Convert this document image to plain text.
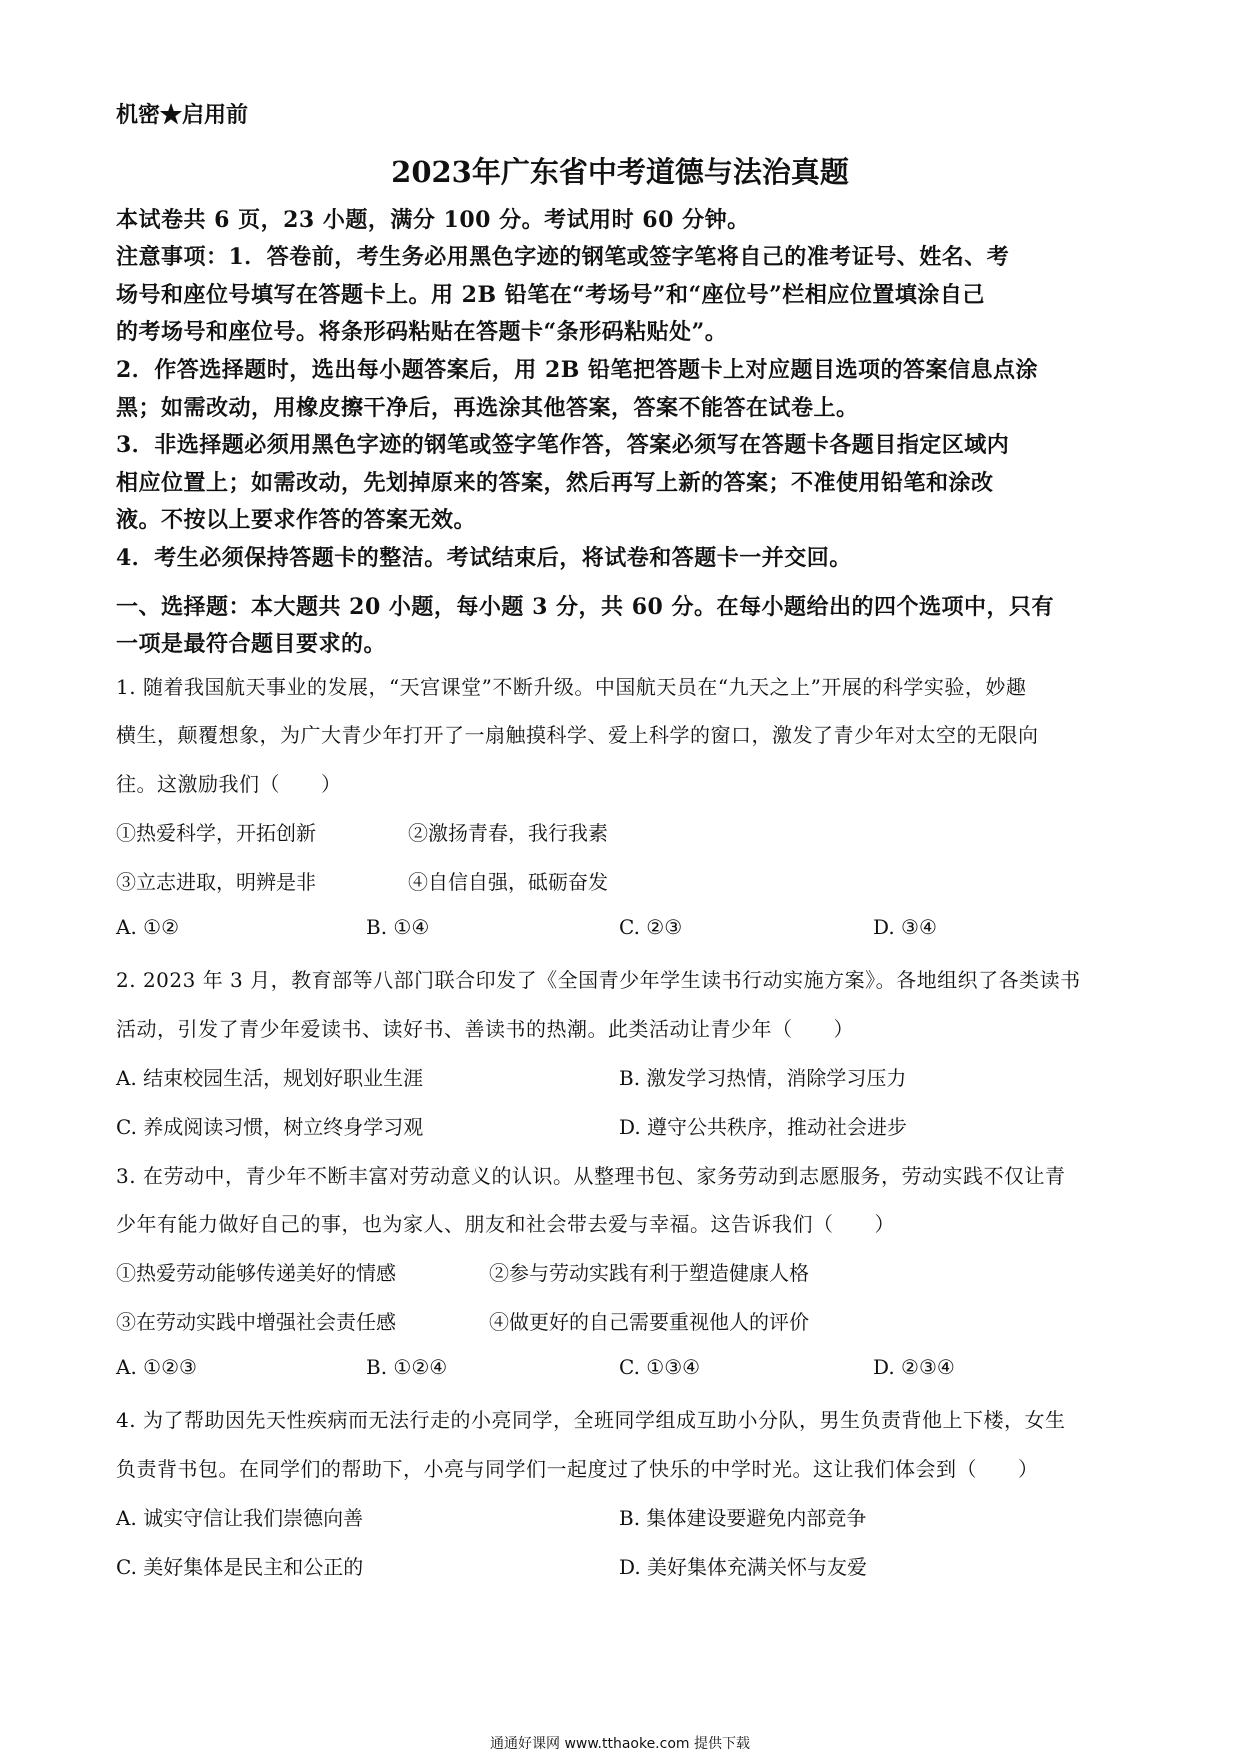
机密★启用前
2023年广东省中考道德与法治真题
本试卷共 6 页，23 小题，满分 100 分。考试用时 60 分钟。
注意事项：1．答卷前，考生务必用黑色字迹的钢笔或签字笔将自己的准考证号、姓名、考
场号和座位号填写在答题卡上。用 2B 铅笔在“考场号”和“座位号”栏相应位置填涂自己
的考场号和座位号。将条形码粘贴在答题卡“条形码粘贴处”。
2．作答选择题时，选出每小题答案后，用 2B 铅笔把答题卡上对应题目选项的答案信息点涂
黑；如需改动，用橡皮擦干净后，再选涂其他答案，答案不能答在试卷上。
3．非选择题必须用黑色字迹的钢笔或签字笔作答，答案必须写在答题卡各题目指定区域内
相应位置上；如需改动，先划掉原来的答案，然后再写上新的答案；不准使用铅笔和涂改
液。不按以上要求作答的答案无效。
4．考生必须保持答题卡的整洁。考试结束后，将试卷和答题卡一并交回。
一、选择题：本大题共 20 小题，每小题 3 分，共 60 分。在每小题给出的四个选项中，只有
一项是最符合题目要求的。
1. 随着我国航天事业的发展，“天宫课堂”不断升级。中国航天员在“九天之上”开展的科学实验，妙趣
横生，颠覆想象，为广大青少年打开了一扇触摸科学、爱上科学的窗口，激发了青少年对太空的无限向
往。这激励我们（　　）
①热爱科学，开拓创新	②激扬青春，我行我素
③立志进取，明辨是非	④自信自强，砥砺奋发
A. ①②	B. ①④	C. ②③	D. ③④
2. 2023 年 3 月，教育部等八部门联合印发了《全国青少年学生读书行动实施方案》。各地组织了各类读书
活动，引发了青少年爱读书、读好书、善读书的热潮。此类活动让青少年（　　）
A. 结束校园生活，规划好职业生涯	B. 激发学习热情，消除学习压力
C. 养成阅读习惯，树立终身学习观	D. 遵守公共秩序，推动社会进步
3. 在劳动中，青少年不断丰富对劳动意义的认识。从整理书包、家务劳动到志愿服务，劳动实践不仅让青
少年有能力做好自己的事，也为家人、朋友和社会带去爱与幸福。这告诉我们（　　）
①热爱劳动能够传递美好的情感	②参与劳动实践有利于塑造健康人格
③在劳动实践中增强社会责任感	④做更好的自己需要重视他人的评价
A. ①②③	B. ①②④	C. ①③④	D. ②③④
4. 为了帮助因先天性疾病而无法行走的小亮同学，全班同学组成互助小分队，男生负责背他上下楼，女生
负责背书包。在同学们的帮助下，小亮与同学们一起度过了快乐的中学时光。这让我们体会到（　　）
A. 诚实守信让我们崇德向善	B. 集体建设要避免内部竞争
C. 美好集体是民主和公正的	D. 美好集体充满关怀与友爱
通通好课网 www.tthaoke.com 提供下载
